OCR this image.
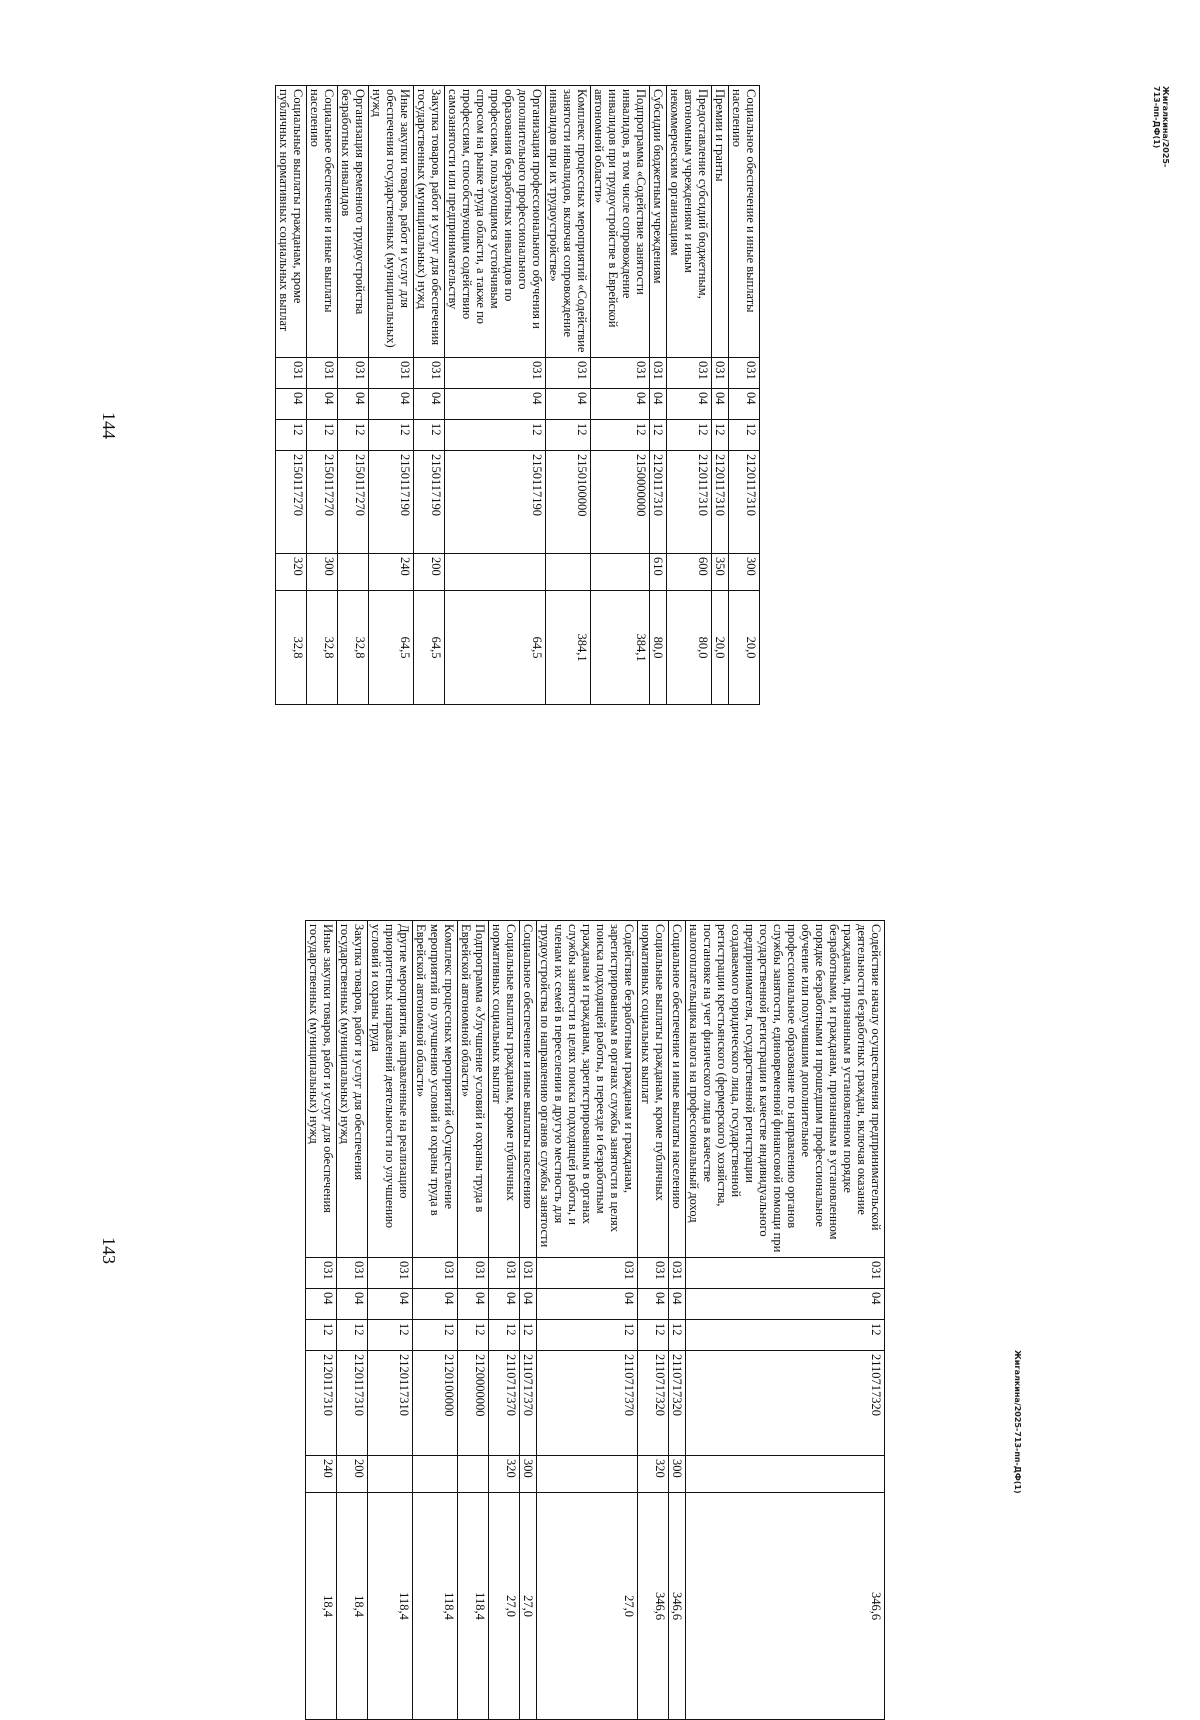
143
Содействие началу осуществления предпринимательской деятельности безработных граждан, включая оказание гражданам, признанным в установленном порядке безработными, и гражданам, признанным в установленном порядке безработными и прошедшим профессиональное обучение или получившим дополнительное профессиональное образование по направлению органов службы занятости, единовременной финансовой помощи при государственной регистрации в качестве индивидуального предпринимателя, государственной регистрации создаваемого юридического лица, государственной регистрации крестьянского (фермерского) хозяйства, постановке на учет физического лица в качестве налогоплательщика налога на профессиональный доход	031	04	12	2110717320		346,6
Социальное обеспечение и иные выплаты населению	031	04	12	2110717320	300	346,6
Социальные выплаты гражданам, кроме публичных нормативных социальных выплат	031	04	12	2110717320	320	346,6
Содействие безработным гражданам и гражданам, зарегистрированным в органах службы занятости в целях поиска подходящей работы, в переезде и безработным гражданам и гражданам, зарегистрированным в органах службы занятости в целях поиска подходящей работы, и членам их семей в переселении в другую местность для трудоустройства по направлению органов службы занятости	031	04	12	2110717370		27,0
Социальное обеспечение и иные выплаты населению	031	04	12	2110717370	300	27,0
Социальные выплаты гражданам, кроме публичных нормативных социальных выплат	031	04	12	2110717370	320	27,0
Подпрограмма «Улучшение условий и охраны труда в Еврейской автономной области»	031	04	12	2120000000		118,4
Комплекс процессных мероприятий «Осуществление мероприятий по улучшению условий и охраны труда в Еврейской автономной области»	031	04	12	2120100000		118,4
Другие мероприятия, направленные на реализацию приоритетных направлений деятельности по улучшению условий и охраны труда	031	04	12	2120117310		118,4
Закупка товаров, работ и услуг для обеспечения государственных (муниципальных) нужд	031	04	12	2120117310	200	18,4
Иные закупки товаров, работ и услуг для обеспечения государственных (муниципальных) нужд	031	04	12	2120117310	240	18,4
Жигалкина/2025-713-пп-ДФ(1)
144
Социальное обеспечение и иные выплаты населению	031	04	12	2120117310	300	20,0
Премии и гранты	031	04	12	2120117310	350	20,0
Предоставление субсидий бюджетным, автономным учреждениям и иным некоммерческим организациям	031	04	12	2120117310	600	80,0
Субсидии бюджетным учреждениям	031	04	12	2120117310	610	80,0
Подпрограмма «Содействие занятости инвалидов, в том числе сопровождение инвалидов при трудоустройстве в Еврейской автономной области»	031	04	12	2150000000		384,1
Комплекс процессных мероприятий «Содействие занятости инвалидов, включая сопровождение инвалидов при их трудоустройстве»	031	04	12	2150100000		384,1
Организация профессионального обучения и дополнительного профессионального образования безработных инвалидов по профессиям, пользующимся устойчивым спросом на рынке труда области, а также по профессиям, способствующим содействию самозанятости или предпринимательству	031	04	12	2150117190		64,5
Закупка товаров, работ и услуг для обеспечения государственных (муниципальных) нужд	031	04	12	2150117190	200	64,5
Иные закупки товаров, работ и услуг для обеспечения государственных (муниципальных) нужд	031	04	12	2150117190	240	64,5
Организация временного трудоустройства безработных инвалидов	031	04	12	2150117270		32,8
Социальное обеспечение и иные выплаты населению	031	04	12	2150117270	300	32,8
Социальные выплаты гражданам, кроме публичных нормативных социальных выплат	031	04	12	2150117270	320	32,8
Жигалкина/2025-713-пп-ДФ(1)
